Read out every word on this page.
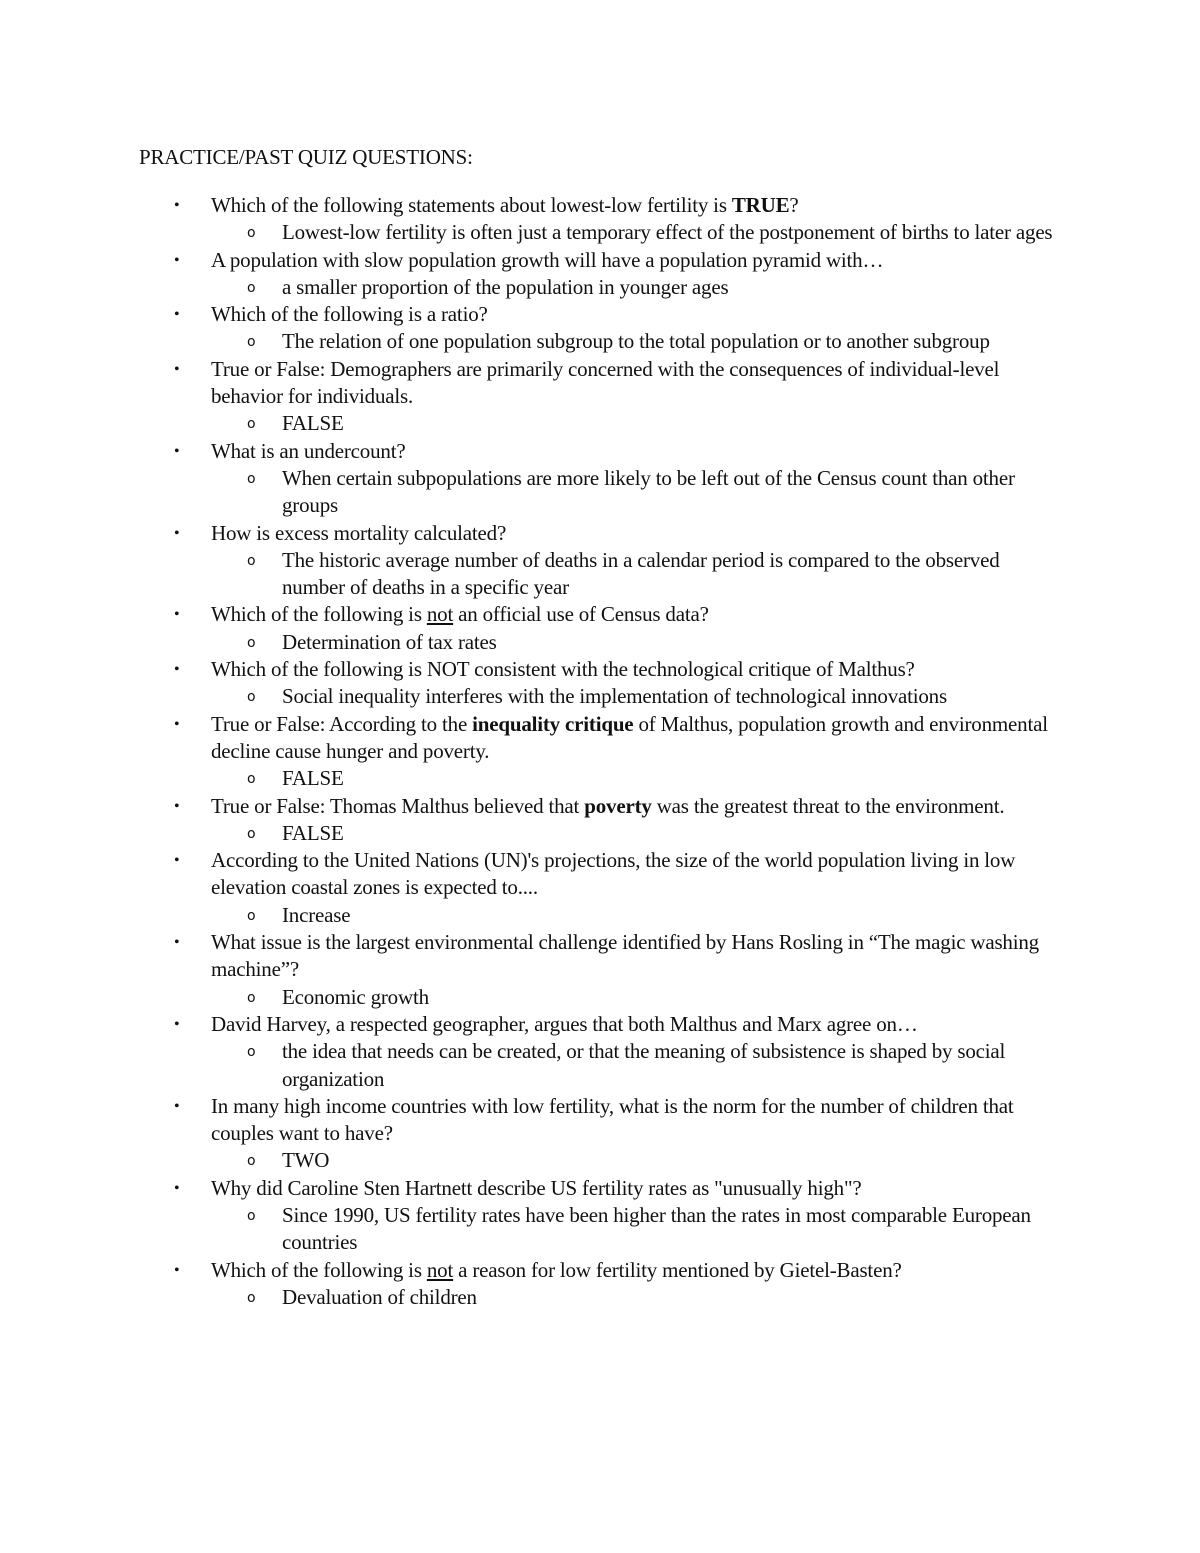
PRACTICE/PAST QUIZ QUESTIONS:
• Which of the following statements about lowest-low fertility is TRUE?
o Lowest-low fertility is often just a temporary effect of the postponement of births to later ages
• A population with slow population growth will have a population pyramid with…
o a smaller proportion of the population in younger ages
• Which of the following is a ratio?
o The relation of one population subgroup to the total population or to another subgroup
• True or False: Demographers are primarily concerned with the consequences of individual-level behavior for individuals.
o FALSE
• What is an undercount?
o When certain subpopulations are more likely to be left out of the Census count than other groups
• How is excess mortality calculated?
o The historic average number of deaths in a calendar period is compared to the observed number of deaths in a specific year
• Which of the following is not an official use of Census data?
o Determination of tax rates
• Which of the following is NOT consistent with the technological critique of Malthus?
o Social inequality interferes with the implementation of technological innovations
• True or False: According to the inequality critique of Malthus, population growth and environmental decline cause hunger and poverty.
o FALSE
• True or False: Thomas Malthus believed that poverty was the greatest threat to the environment.
o FALSE
• According to the United Nations (UN)'s projections, the size of the world population living in low elevation coastal zones is expected to....
o Increase
• What issue is the largest environmental challenge identified by Hans Rosling in “The magic washing machine”?
o Economic growth
• David Harvey, a respected geographer, argues that both Malthus and Marx agree on…
o the idea that needs can be created, or that the meaning of subsistence is shaped by social organization
• In many high income countries with low fertility, what is the norm for the number of children that couples want to have?
o TWO
• Why did Caroline Sten Hartnett describe US fertility rates as "unusually high"?
o Since 1990, US fertility rates have been higher than the rates in most comparable European countries
• Which of the following is not a reason for low fertility mentioned by Gietel-Basten?
o Devaluation of children
